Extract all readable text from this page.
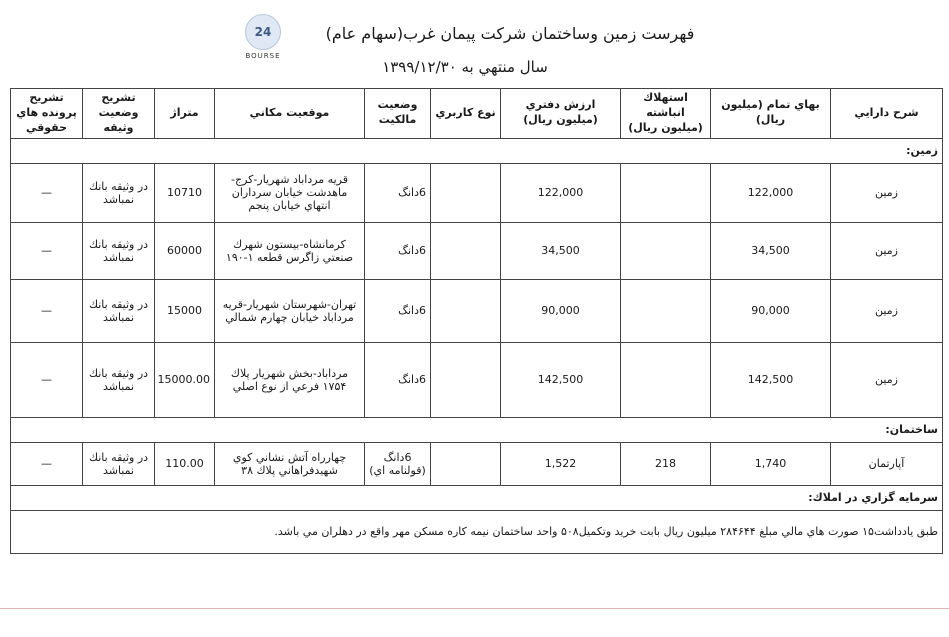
24
BOURSE
فهرست زمين وساختمان شركت پيمان غرب(سهام عام)
سال منتهي به ۱۳۹۹/۱۲/۳۰
شرح دارايي	بهاي تمام (ميليون ريال)	استهلاك انباشته (ميليون ريال)	ارزش دفتري (ميليون ريال)	نوع كاربري	وضعيت مالكيت	موقعيت مكاني	متراژ	تشريح وضعيت وثيقه	تشريح پرونده هاي حقوقي
زمين:									
زمين	122,000		122,000		6دانگ	قريه مرداباد شهريار-كرج-ماهدشت خيابان سرداران انتهاي خيابان پنجم	10710	در وثيقه بانك نمباشد	—
زمين	34,500		34,500		6دانگ	كرمانشاه-بيستون شهرك صنعتي زاگرس قطعه ۱-۱۹۰	60000	در وثيقه بانك نمباشد	—
زمين	90,000		90,000		6دانگ	تهران-شهرستان شهريار-قريه مرداباد خيابان چهارم شمالي	15000	در وثيقه بانك نمباشد	—
زمين	142,500		142,500		6دانگ	مرداباد-بخش شهريار پلاك ۱۷۵۴ فرعي از نوع اصلي	15000.00	در وثيقه بانك نمباشد	—
ساختمان:									
آپارتمان	1,740	218	1,522		6دانگ (قولنامه اي)	چهارراه آتش نشاني كوي شهيدفراهاني پلاك ۳۸	110.00	در وثيقه بانك نمباشد	—
سرمايه گزاري در املاك:									
طبق يادداشت۱۵ صورت هاي مالي مبلغ ۲۸۴۶۴۴ ميليون ريال بابت خريد وتكميل۵۰۸ واحد ساختمان نيمه كاره مسكن مهر واقع در دهلران مي باشد.									
